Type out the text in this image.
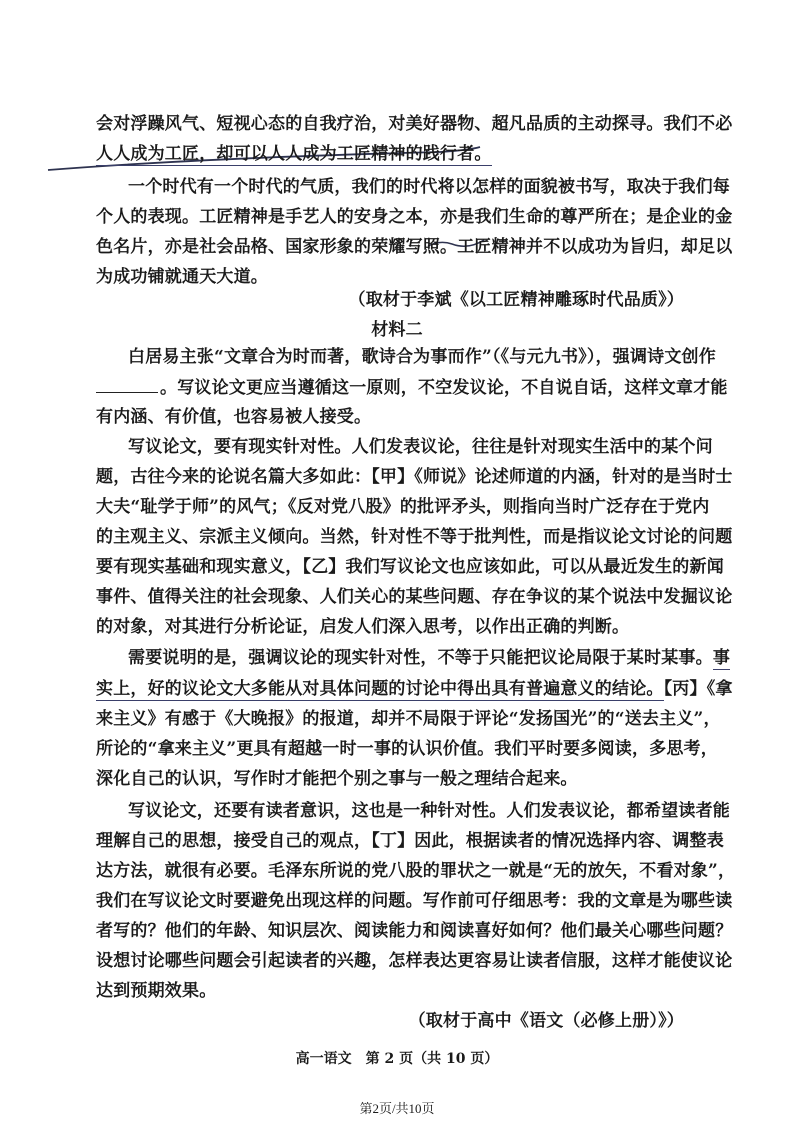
会对浮躁风气、短视心态的自我疗治，对美好器物、超凡品质的主动探寻。我们不必
人人成为工匠，却可以人人成为工匠精神的践行者。
一个时代有一个时代的气质，我们的时代将以怎样的面貌被书写，取决于我们每
个人的表现。工匠精神是手艺人的安身之本，亦是我们生命的尊严所在；是企业的金
色名片，亦是社会品格、国家形象的荣耀写照。工匠精神并不以成功为旨归，却足以
为成功铺就通天大道。
（取材于李斌《以工匠精神雕琢时代品质》）
材料二
白居易主张“文章合为时而著，歌诗合为事而作”（《与元九书》），强调诗文创作
。写议论文更应当遵循这一原则，不空发议论，不自说自话，这样文章才能
有内涵、有价值，也容易被人接受。
写议论文，要有现实针对性。人们发表议论，往往是针对现实生活中的某个问
题，古往今来的论说名篇大多如此：【甲】《师说》论述师道的内涵，针对的是当时士
大夫“耻学于师”的风气；《反对党八股》的批评矛头，则指向当时广泛存在于党内
的主观主义、宗派主义倾向。当然，针对性不等于批判性，而是指议论文讨论的问题
要有现实基础和现实意义，【乙】我们写议论文也应该如此，可以从最近发生的新闻
事件、值得关注的社会现象、人们关心的某些问题、存在争议的某个说法中发掘议论
的对象，对其进行分析论证，启发人们深入思考，以作出正确的判断。
需要说明的是，强调议论的现实针对性，不等于只能把议论局限于某时某事。事
实上，好的议论文大多能从对具体问题的讨论中得出具有普遍意义的结论。【丙】《拿
来主义》有感于《大晚报》的报道，却并不局限于评论“发扬国光”的“送去主义”，
所论的“拿来主义”更具有超越一时一事的认识价值。我们平时要多阅读，多思考，
深化自己的认识，写作时才能把个别之事与一般之理结合起来。
写议论文，还要有读者意识，这也是一种针对性。人们发表议论，都希望读者能
理解自己的思想，接受自己的观点，【丁】因此，根据读者的情况选择内容、调整表
达方法，就很有必要。毛泽东所说的党八股的罪状之一就是“无的放矢，不看对象”，
我们在写议论文时要避免出现这样的问题。写作前可仔细思考：我的文章是为哪些读
者写的？他们的年龄、知识层次、阅读能力和阅读喜好如何？他们最关心哪些问题？
设想讨论哪些问题会引起读者的兴趣，怎样表达更容易让读者信服，这样才能使议论
达到预期效果。
（取材于高中《语文（必修上册）》）
高一语文　第 2 页（共 10 页）
第2页/共10页
